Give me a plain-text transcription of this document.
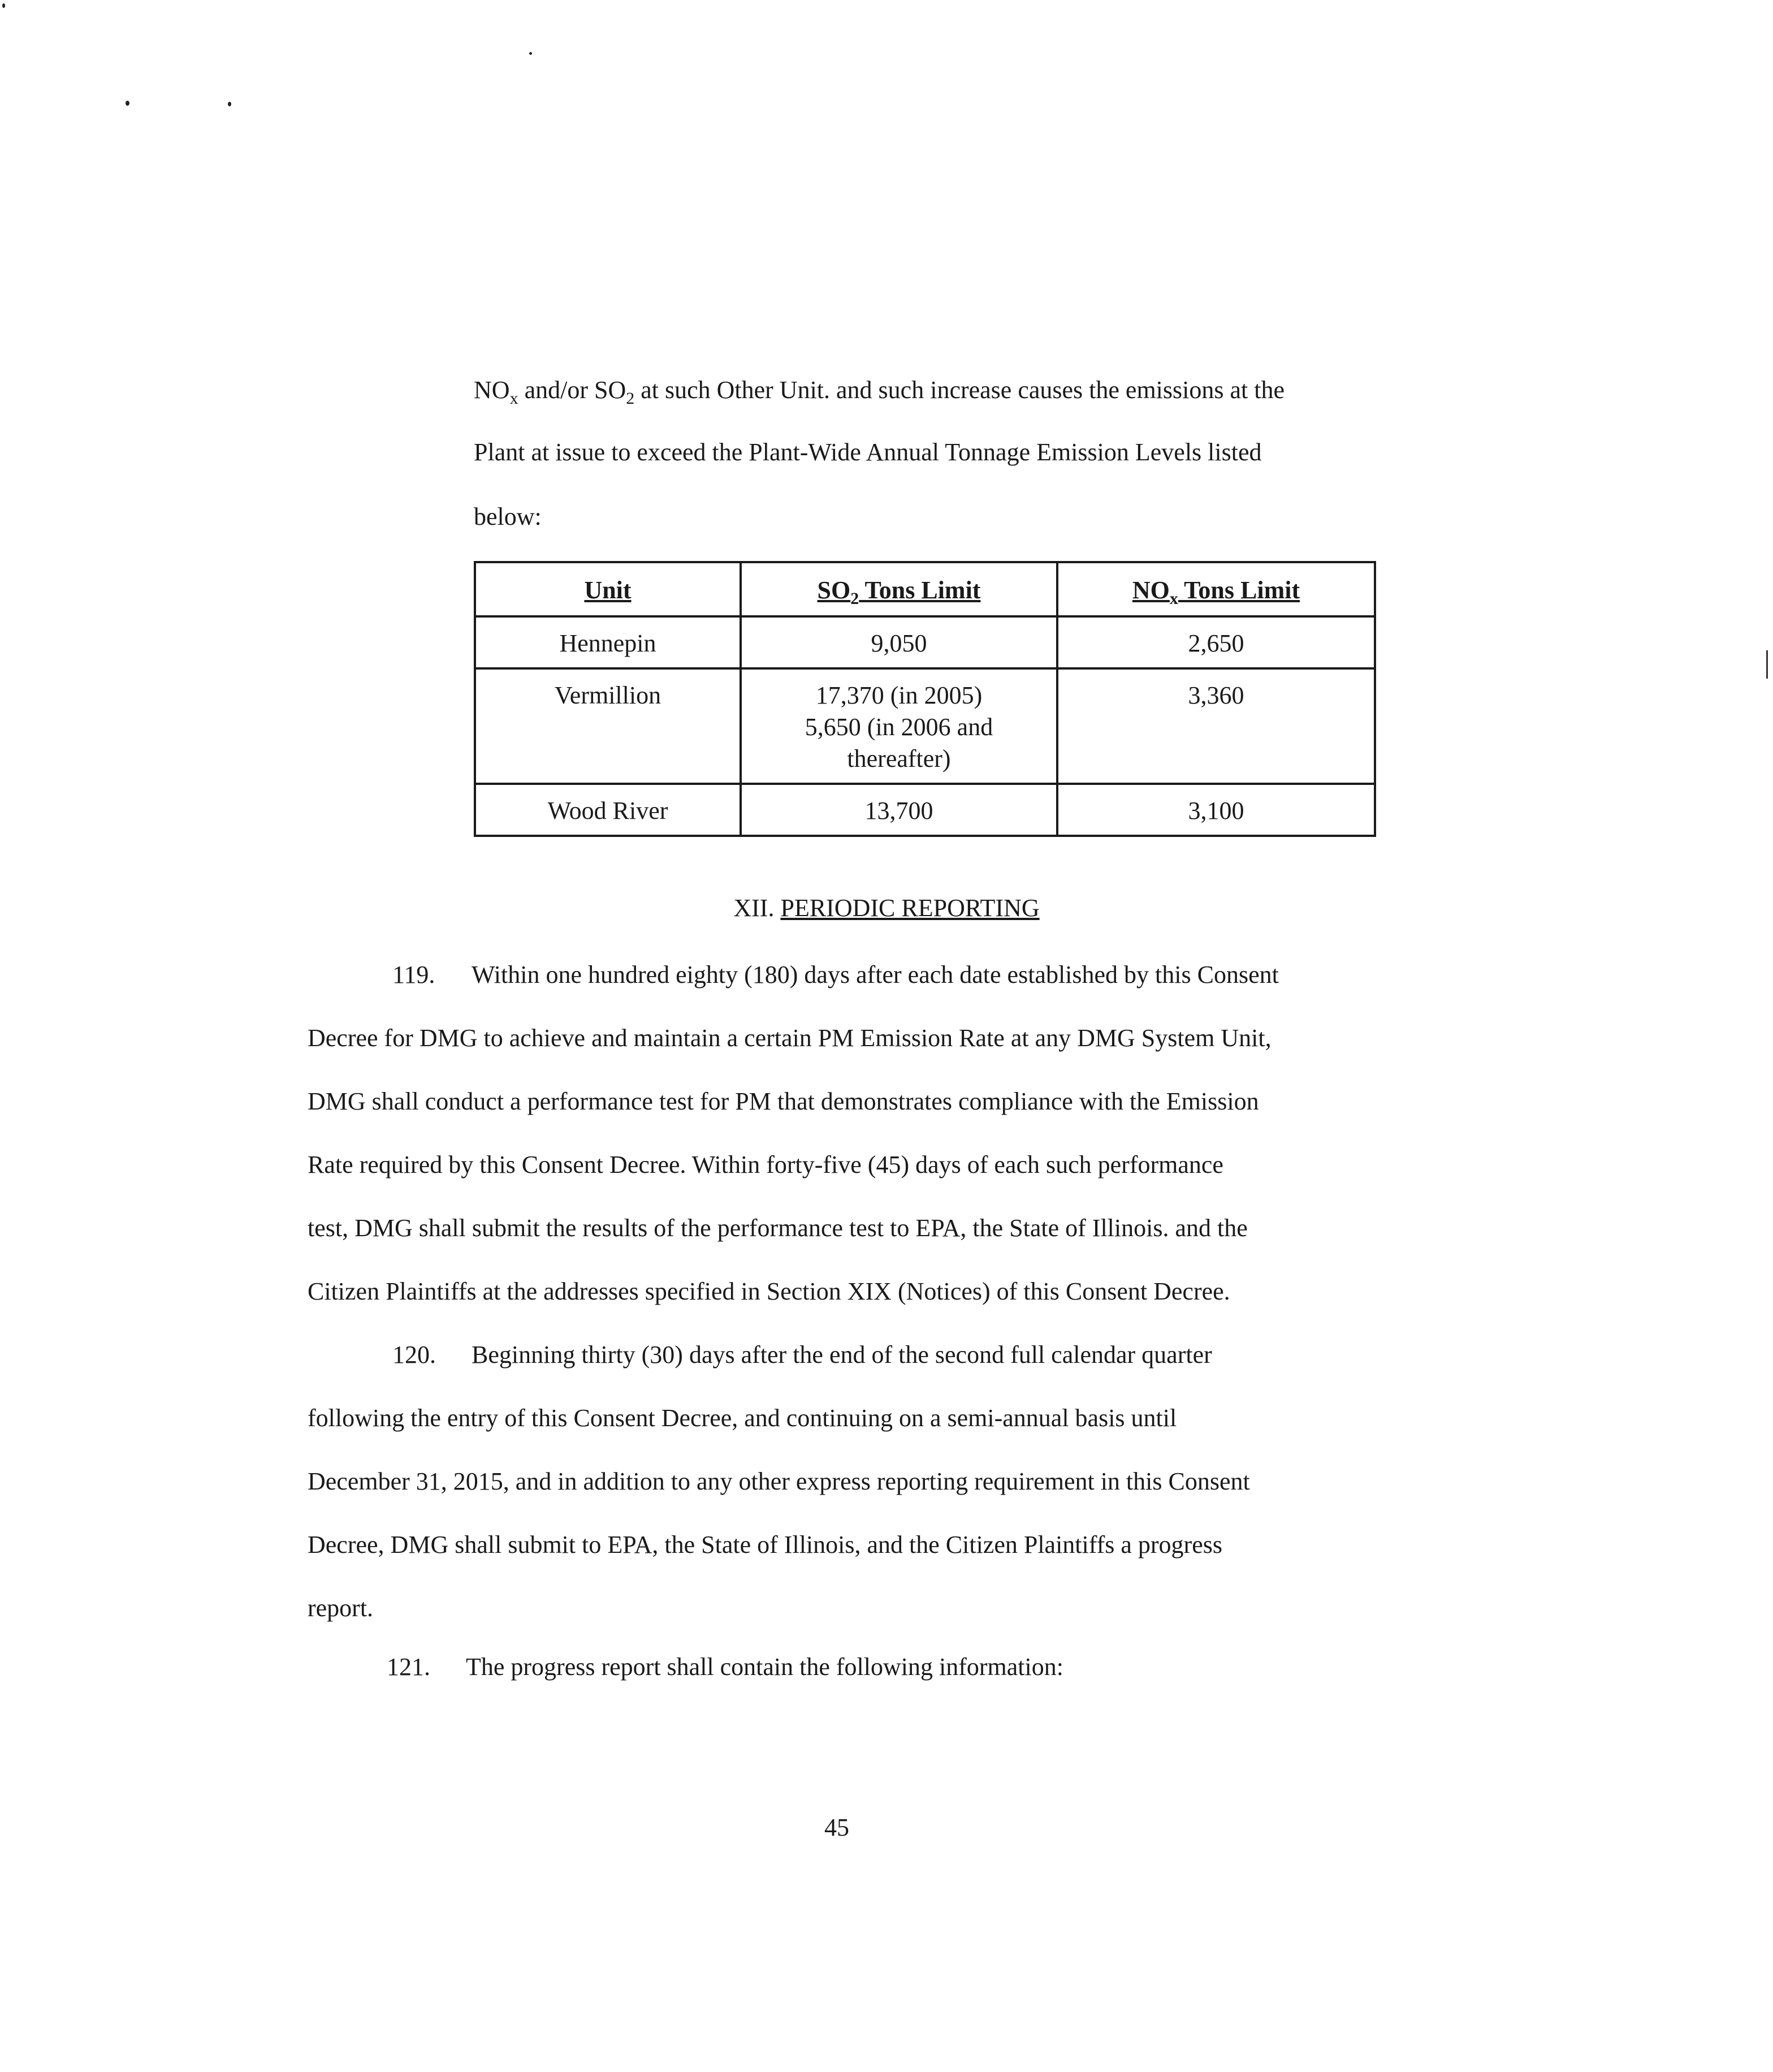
$NO_x$ and/or $SO_2$ at such Other Unit. and such increase causes the emissions at the
Plant at issue to exceed the Plant-Wide Annual Tonnage Emission Levels listed
below:
Unit	$SO_2$ Tons Limit	$NO_x$ Tons Limit
Hennepin	9,050	2,650
Vermillion	17,370 (in 2005)
5,650 (in 2006 and
thereafter)	3,360
Wood River	13,700	3,100
XII. PERIODIC REPORTING
119. Within one hundred eighty (180) days after each date established by this Consent
Decree for DMG to achieve and maintain a certain PM Emission Rate at any DMG System Unit,
DMG shall conduct a performance test for PM that demonstrates compliance with the Emission
Rate required by this Consent Decree. Within forty-five (45) days of each such performance
test, DMG shall submit the results of the performance test to EPA, the State of Illinois. and the
Citizen Plaintiffs at the addresses specified in Section XIX (Notices) of this Consent Decree.
120. Beginning thirty (30) days after the end of the second full calendar quarter
following the entry of this Consent Decree, and continuing on a semi-annual basis until
December 31, 2015, and in addition to any other express reporting requirement in this Consent
Decree, DMG shall submit to EPA, the State of Illinois, and the Citizen Plaintiffs a progress
report.
121. The progress report shall contain the following information:
45
